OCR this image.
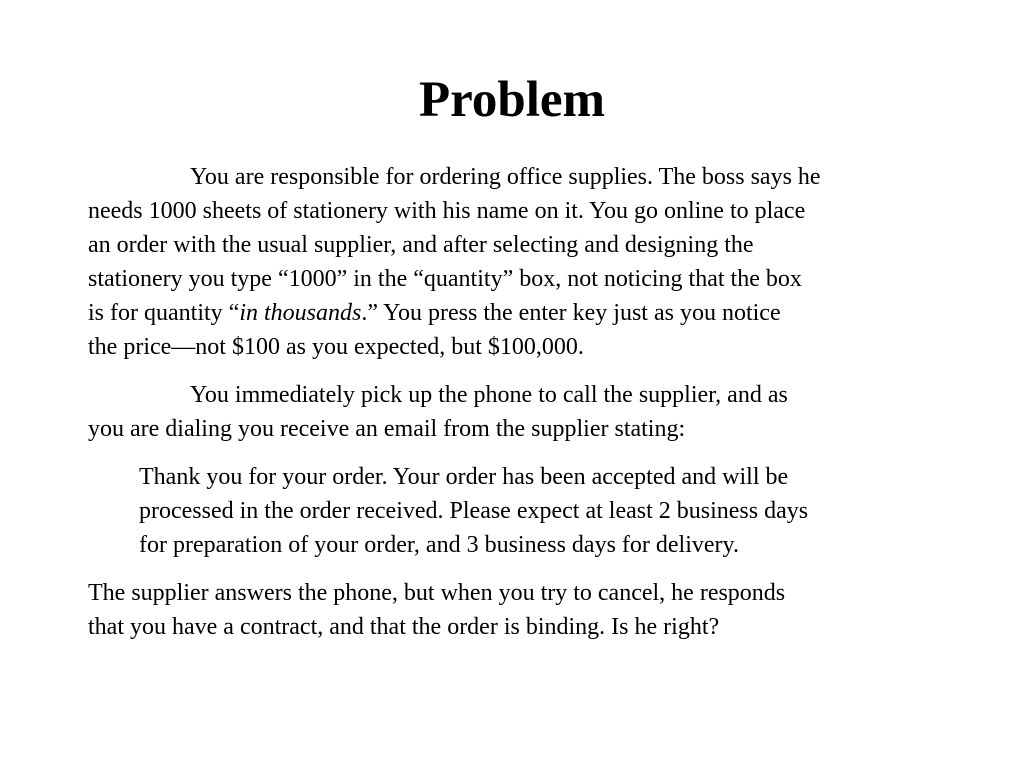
Problem

You are responsible for ordering office supplies. The boss says he
needs 1000 sheets of stationery with his name on it. You go online to place
an order with the usual supplier, and after selecting and designing the
stationery you type “1000” in the “quantity” box, not noticing that the box
is for quantity “in thousands.” You press the enter key just as you notice
the price—not $100 as you expected, but $100,000.

You immediately pick up the phone to call the supplier, and as
you are dialing you receive an email from the supplier stating:

Thank you for your order. Your order has been accepted and will be
processed in the order received. Please expect at least 2 business days
for preparation of your order, and 3 business days for delivery.

The supplier answers the phone, but when you try to cancel, he responds
that you have a contract, and that the order is binding. Is he right?
